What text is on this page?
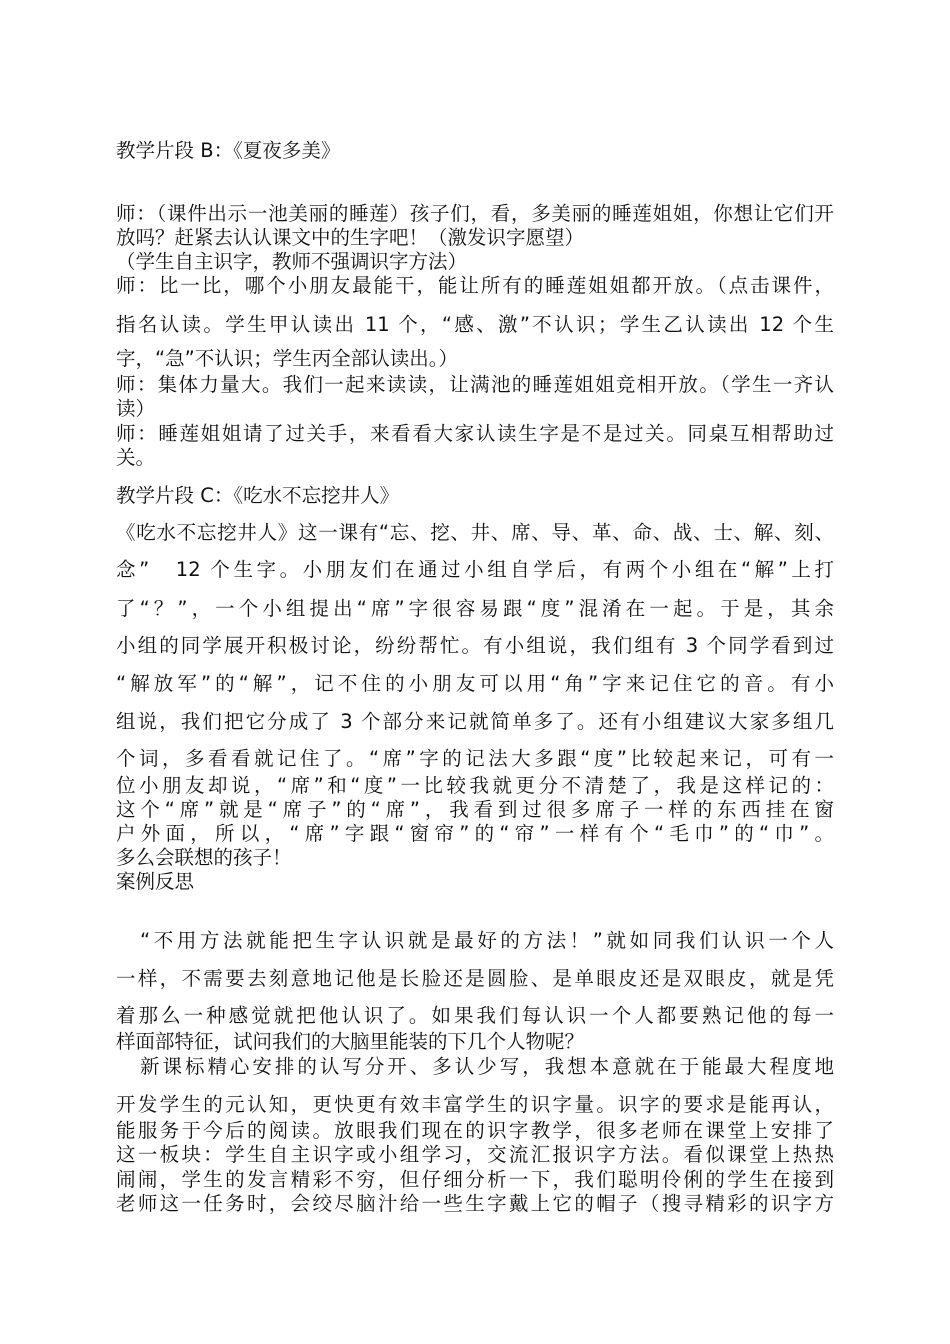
教学片段 B：《夏夜多美》

师：（课件出示一池美丽的睡莲）孩子们，看，多美丽的睡莲姐姐，你想让它们开

放吗？赶紧去认认课文中的生字吧！（激发识字愿望）

（学生自主识字，教师不强调识字方法）

师：比一比，哪个小朋友最能干，能让所有的睡莲姐姐都开放。（点击课件，

指名认读。学生甲认读出 11 个，“感、激”不认识；学生乙认读出 12 个生

字，“急”不认识；学生丙全部认读出。）

师：集体力量大。我们一起来读读，让满池的睡莲姐姐竞相开放。（学生一齐认

读）

师：睡莲姐姐请了过关手，来看看大家认读生字是不是过关。同桌互相帮助过

关。

教学片段 C：《吃水不忘挖井人》

《吃水不忘挖井人》这一课有“忘、挖、井、席、导、革、命、战、士、解、刻、

念”　12 个生字。小朋友们在通过小组自学后，有两个小组在“解”上打

了“？”，一个小组提出“席”字很容易跟“度”混淆在一起。于是，其余

小组的同学展开积极讨论，纷纷帮忙。有小组说，我们组有 3 个同学看到过

“解放军”的“解”，记不住的小朋友可以用“角”字来记住它的音。有小

组说，我们把它分成了 3 个部分来记就简单多了。还有小组建议大家多组几

个词，多看看就记住了。“席”字的记法大多跟“度”比较起来记，可有一

位小朋友却说，“席”和“度”一比较我就更分不清楚了，我是这样记的：

这个“席”就是“席子”的“席”，我看到过很多席子一样的东西挂在窗

户外面，所以，“席”字跟“窗帘”的“帘”一样有个“毛巾”的“巾”。

多么会联想的孩子！

案例反思

“不用方法就能把生字认识就是最好的方法！”就如同我们认识一个人

一样，不需要去刻意地记他是长脸还是圆脸、是单眼皮还是双眼皮，就是凭

着那么一种感觉就把他认识了。如果我们每认识一个人都要熟记他的每一

样面部特征，试问我们的大脑里能装的下几个人物呢？

新课标精心安排的认写分开、多认少写，我想本意就在于能最大程度地

开发学生的元认知，更快更有效丰富学生的识字量。识字的要求是能再认，

能服务于今后的阅读。放眼我们现在的识字教学，很多老师在课堂上安排了

这一板块：学生自主识字或小组学习，交流汇报识字方法。看似课堂上热热

闹闹，学生的发言精彩不穷，但仔细分析一下，我们聪明伶俐的学生在接到

老师这一任务时，会绞尽脑汁给一些生字戴上它的帽子（搜寻精彩的识字方
